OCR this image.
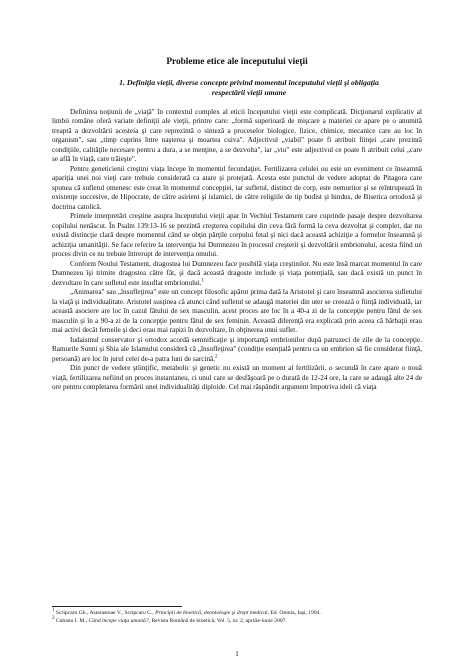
Probleme etice ale începutului vieţii
1. Definiţia vieţii, diverse concepte privind momentul începutului vieţii şi obligaţia respectării vieţii umane

Definirea noţiunii de „viaţă" în contextul complex al eticii începutului vieţii este complicată. Dicţionarul explicativ al limbii române oferă variate definiţii ale vieţii, printre care: „formă superioară de mişcare a materiei ce apare pe o anumită treaptă a dezvoltării acesteia şi care reprezintă o sinteză a proceselor biologice, fizice, chimice, mecanice care au loc în organism", sau „timp cuprins între naşterea şi moartea cuiva". Adjectivul „viabil" poate fi atribuit fiinţei „care prezintă condiţiile, calităţile necesare pentru a dura, a se menţine, a se dezvolta", iar „viu" este adjectivul ce poate fi atribuit celui „care se află în viaţă, care trăieşte".

Pentru geneticienii creştini viaţa începe în momentul fecundaţiei. Fertilizarea celulei ou este un eveniment ce înseamnă apariţia unei noi vieţi care trebuie considerată ca atare şi protejată. Acesta este punctul de vedere adoptat de Pitagora care spunea că sufletul omenesc este creat în momentul concepţiei, iar sufletul, distinct de corp, este nemuritor şi se reîntrupează în existenţe succesive, de Hipocrate, de către asirieni şi islamici, de către religiile de tip budist şi hindus, de Biserica ortodoxă şi doctrina catolică.

Primele interpretări creştine asupra începutului vieţii apar în Vechiul Testament care cuprinde pasaje despre dezvoltarea copilului nenăscut. În Psalm 139:13-16 se prezintă creşterea copilului din ceva fără formă la ceva dezvoltat şi complet, dar nu există distincţie clară despre momentul când se obţin părţile corpului fetal şi nici dacă această achiziţie a formelor înseamnă şi achiziţia umanităţii. Se face referire la intervenţia lui Dumnezeu în procesul creşterii şi dezvoltării embrionului, acesta fiind un proces divin ce nu trebuie întrerupt de intervenţia omului.

Conform Noului Testament, dragostea lui Dumnezeu face posibilă viaţa creştinilor. Nu este însă marcat momentul în care Dumnezeu îşi trimite dragostea către făt, şi dacă această dragoste include şi viaţa potenţială, sau dacă există un punct în dezvoltare în care sufletul este insuflat embrionului.$^1$

„Animarea" sau „însufleţirea" este un concept filosofic apărut prima dată la Aristotel şi care înseamnă asocierea sufletului la viaţă şi individualitate. Aristotel susţinea că atunci când sufletul se adaugă materiei din uter se creează o fiinţă individuală, iar această asociere are loc în cazul fătului de sex masculin, acest proces are loc în a 40-a zi de la concepţie pentru fătul de sex masculin şi în a 90-a zi de la concepţie pentru fătul de sex feminin. Această diferenţă era explicată prin aceea că bărbaţii erau mai activi decât femeile şi deci erau mai rapizi în dezvoltare, în obţinerea unui suflet.

Iudaismul conservator şi ortodox acordă semnificaţie şi importanţă embrionilor după patruzeci de zile de la concepţie. Ramurile Sunni şi Shia ale Islamului consideră că „însufleţirea" (condiţie esenţială pentru ca un embrion să fie considerat fiinţă, persoană) are loc în jurul celei de-a patra luni de sarcină.$^2$

Din punct de vedere ştiinţific, metabolic şi genetic nu există un moment al fertilizării, o secundă în care apare o nouă viaţă, fertilizarea nefiind un proces instantaneu, ci unul care se desfăşoară pe o durată de 12-24 ore, la care se adaugă alte 24 de ore pentru completarea formării unei individualităţi diploide. Cel mai răspândit argument împotriva ideii că viaţa

$^1$ Scripcaru Gh., Astarastoae V., Scripcaru C., Principii de bioetică, deontologie şi drept medical, Ed. Omnia, Iaşi, 1994.

$^2$ Cubanu I. M., Când începe viaţa umană?, Revista Română de bioetică, Vol. 5, nr. 2, aprilie-iunie 2007.

1
